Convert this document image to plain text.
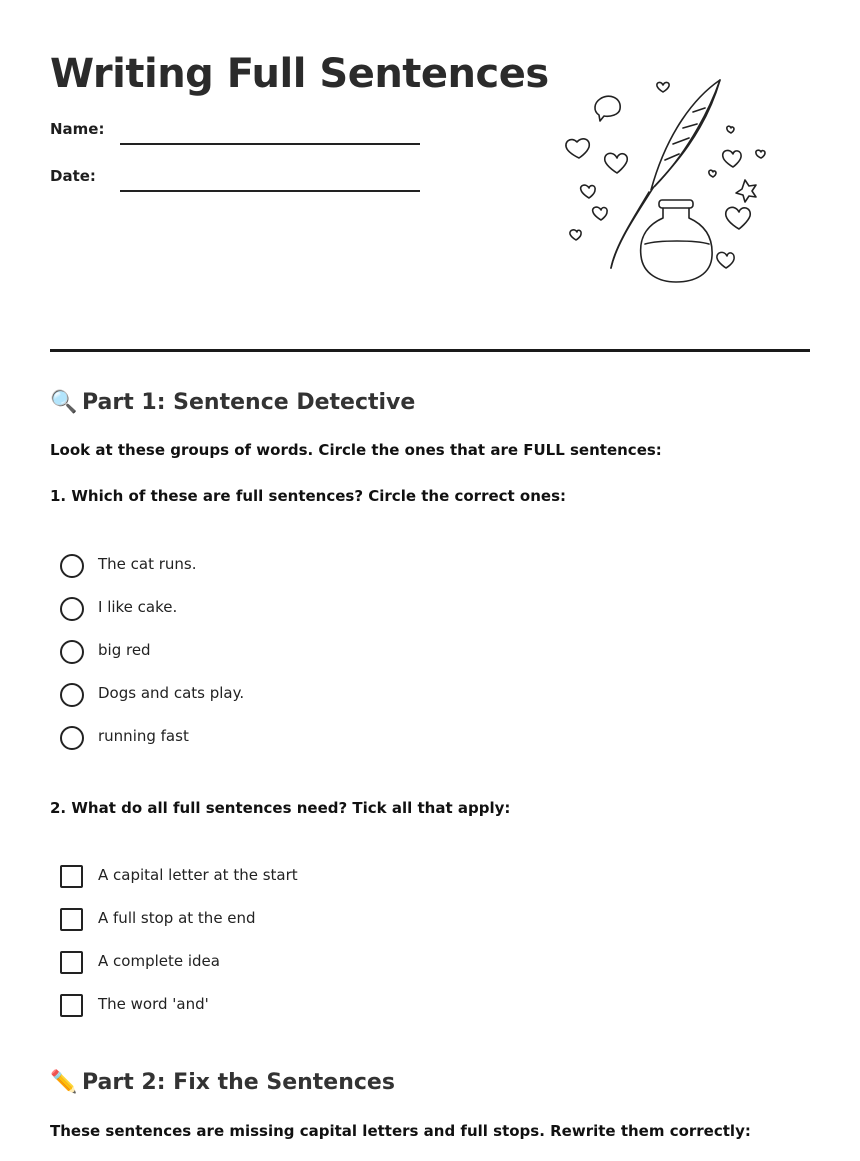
Writing Full Sentences
Name:
Date:
🔍 Part 1: Sentence Detective
Look at these groups of words. Circle the ones that are FULL sentences:
1. Which of these are full sentences? Circle the correct ones:
The cat runs.
I like cake.
big red
Dogs and cats play.
running fast
2. What do all full sentences need? Tick all that apply:
A capital letter at the start
A full stop at the end
A complete idea
The word 'and'
✏️ Part 2: Fix the Sentences
These sentences are missing capital letters and full stops. Rewrite them correctly:
